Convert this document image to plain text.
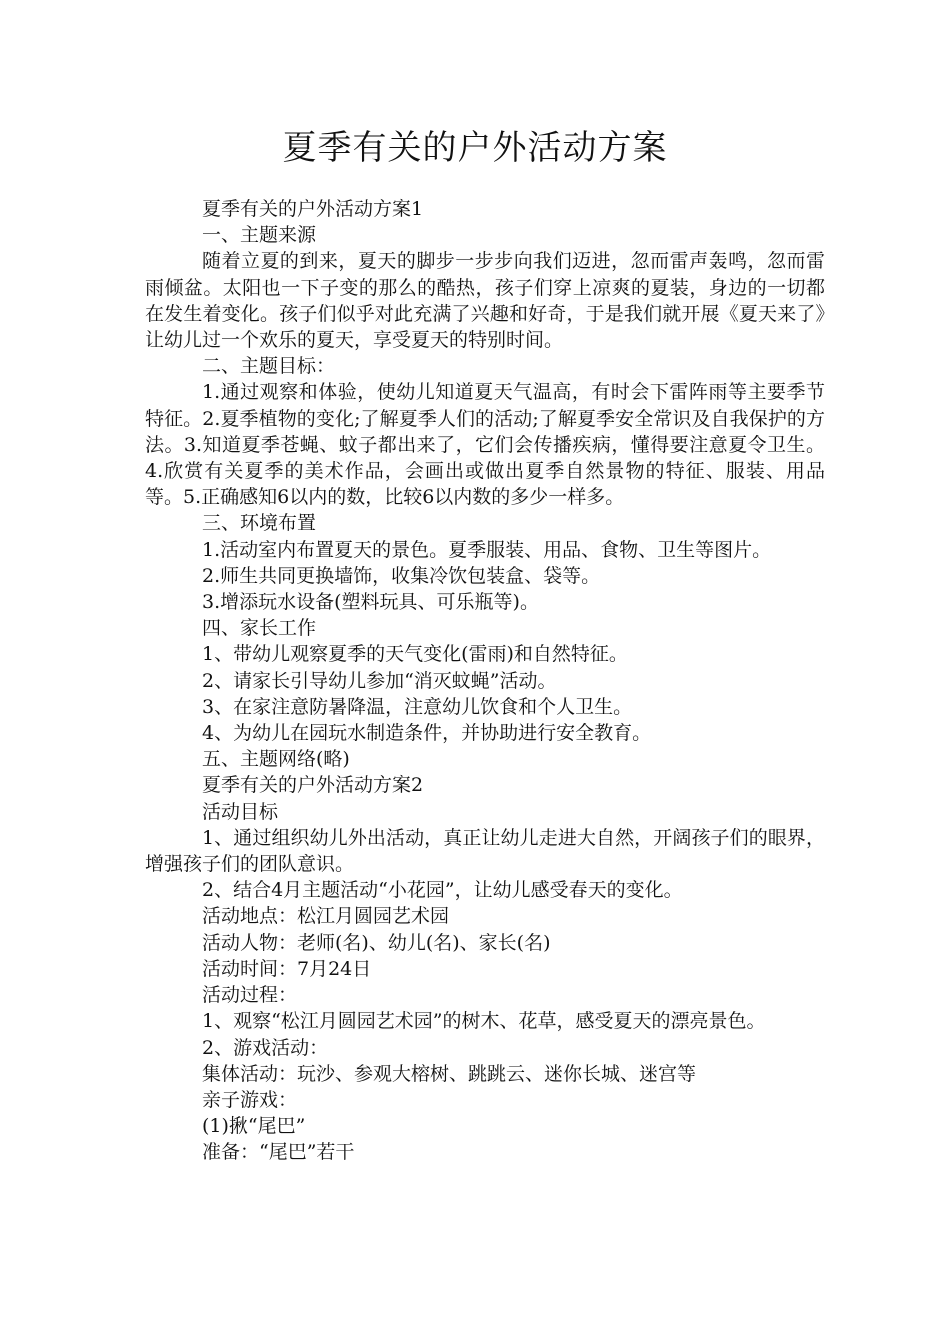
夏季有关的户外活动方案

夏季有关的户外活动方案1

一、主题来源

随着立夏的到来，夏天的脚步一步步向我们迈进，忽而雷声轰鸣，忽而雷雨倾盆。太阳也一下子变的那么的酷热，孩子们穿上凉爽的夏装，身边的一切都在发生着变化。孩子们似乎对此充满了兴趣和好奇，于是我们就开展《夏天来了》让幼儿过一个欢乐的夏天，享受夏天的特别时间。

二、主题目标：

1.通过观察和体验，使幼儿知道夏天气温高，有时会下雷阵雨等主要季节特征。2.夏季植物的变化;了解夏季人们的活动;了解夏季安全常识及自我保护的方法。3.知道夏季苍蝇、蚊子都出来了，它们会传播疾病，懂得要注意夏令卫生。4.欣赏有关夏季的美术作品，会画出或做出夏季自然景物的特征、服装、用品等。5.正确感知6以内的数，比较6以内数的多少一样多。

三、环境布置

1.活动室内布置夏天的景色。夏季服装、用品、食物、卫生等图片。

2.师生共同更换墙饰，收集冷饮包装盒、袋等。

3.增添玩水设备(塑料玩具、可乐瓶等)。

四、家长工作

1、带幼儿观察夏季的天气变化(雷雨)和自然特征。

2、请家长引导幼儿参加“消灭蚊蝇”活动。

3、在家注意防暑降温，注意幼儿饮食和个人卫生。

4、为幼儿在园玩水制造条件，并协助进行安全教育。

五、主题网络(略)

夏季有关的户外活动方案2

活动目标

1、通过组织幼儿外出活动，真正让幼儿走进大自然，开阔孩子们的眼界，增强孩子们的团队意识。

2、结合4月主题活动“小花园”，让幼儿感受春天的变化。

活动地点：松江月圆园艺术园

活动人物：老师(名)、幼儿(名)、家长(名)

活动时间：7月24日

活动过程：

1、观察“松江月圆园艺术园”的树木、花草，感受夏天的漂亮景色。

2、游戏活动：

集体活动：玩沙、参观大榕树、跳跳云、迷你长城、迷宫等

亲子游戏：

(1)揪“尾巴”

准备：“尾巴”若干
